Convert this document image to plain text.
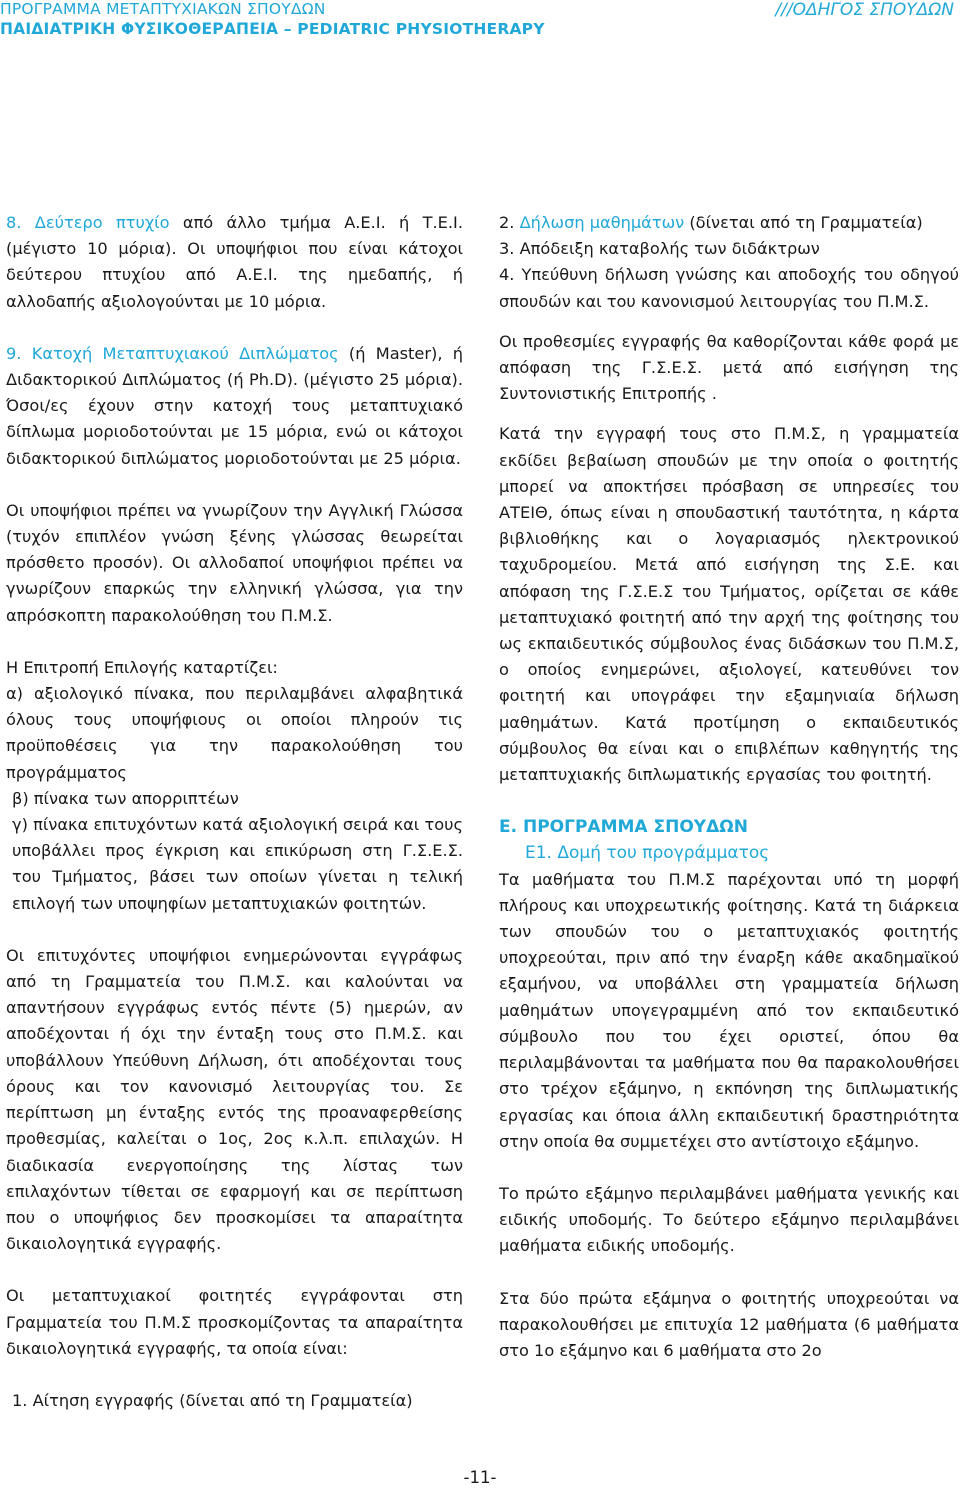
ΠΡΟΓΡΑΜΜΑ ΜΕΤΑΠΤΥΧΙΑΚΩΝ ΣΠΟΥΔΩΝ
ΠΑΙΔΙΑΤΡΙΚΗ ΦΥΣΙΚΟΘΕΡΑΠΕΙΑ – PEDIATRIC PHYSIOTHERAPY
///ΟΔΗΓΟΣ ΣΠΟΥΔΩΝ

8. Δεύτερο πτυχίο από άλλο τμήμα Α.Ε.Ι. ή Τ.Ε.Ι. (μέγιστο 10 μόρια). Οι υποψήφιοι που είναι κάτοχοι δεύτερου πτυχίου από Α.Ε.Ι. της ημεδαπής, ή αλλοδαπής αξιολογούνται με 10 μόρια.

9. Κατοχή Μεταπτυχιακού Διπλώματος (ή Master), ή Διδακτορικού Διπλώματος (ή Ph.D). (μέγιστο 25 μόρια). Όσοι/ες έχουν στην κατοχή τους μεταπτυχιακό δίπλωμα μοριοδοτούνται με 15 μόρια, ενώ οι κάτοχοι διδακτορικού διπλώματος μοριοδοτούνται με 25 μόρια.

Οι υποψήφιοι πρέπει να γνωρίζουν την Αγγλική Γλώσσα (τυχόν επιπλέον γνώση ξένης γλώσσας θεωρείται πρόσθετο προσόν). Οι αλλοδαποί υποψήφιοι πρέπει να γνωρίζουν επαρκώς την ελληνική γλώσσα, για την απρόσκοπτη παρακολούθηση του Π.Μ.Σ.

Η Επιτροπή Επιλογής καταρτίζει:

α) αξιολογικό πίνακα, που περιλαμβάνει αλφαβητικά όλους τους υποψήφιους οι οποίοι πληρούν τις προϋποθέσεις για την παρακολούθηση του προγράμματος

β) πίνακα των απορριπτέων

γ) πίνακα επιτυχόντων κατά αξιολογική σειρά και τους υποβάλλει προς έγκριση και επικύρωση στη Γ.Σ.Ε.Σ. του Τμήματος, βάσει των οποίων γίνεται η τελική επιλογή των υποψηφίων μεταπτυχιακών φοιτητών.

Οι επιτυχόντες υποψήφιοι ενημερώνονται εγγράφως από τη Γραμματεία του Π.Μ.Σ. και καλούνται να απαντήσουν εγγράφως εντός πέντε (5) ημερών, αν αποδέχονται ή όχι την ένταξη τους στο Π.Μ.Σ. και υποβάλλουν Υπεύθυνη Δήλωση, ότι αποδέχονται τους όρους και τον κανονισμό λειτουργίας του. Σε περίπτωση μη ένταξης εντός της προαναφερθείσης προθεσμίας, καλείται ο 1ος, 2ος κ.λ.π. επιλαχών. Η διαδικασία ενεργοποίησης της λίστας των επιλαχόντων τίθεται σε εφαρμογή και σε περίπτωση που ο υποψήφιος δεν προσκομίσει τα απαραίτητα δικαιολογητικά εγγραφής.

Οι μεταπτυχιακοί φοιτητές εγγράφονται στη Γραμματεία του Π.Μ.Σ προσκομίζοντας τα απαραίτητα δικαιολογητικά εγγραφής, τα οποία είναι:

1. Αίτηση εγγραφής (δίνεται από τη Γραμματεία)

2. Δήλωση μαθημάτων (δίνεται από τη Γραμματεία)

3. Απόδειξη καταβολής των διδάκτρων

4. Υπεύθυνη δήλωση γνώσης και αποδοχής του οδηγού σπουδών και του κανονισμού λειτουργίας του Π.Μ.Σ.

Οι προθεσμίες εγγραφής θα καθορίζονται κάθε φορά με απόφαση της Γ.Σ.Ε.Σ. μετά από εισήγηση της Συντονιστικής Επιτροπής .

Κατά την εγγραφή τους στο Π.Μ.Σ, η γραμματεία εκδίδει βεβαίωση σπουδών με την οποία ο φοιτητής μπορεί να αποκτήσει πρόσβαση σε υπηρεσίες του ΑΤΕΙΘ, όπως είναι η σπουδαστική ταυτότητα, η κάρτα βιβλιοθήκης και ο λογαριασμός ηλεκτρονικού ταχυδρομείου. Μετά από εισήγηση της Σ.Ε. και απόφαση της Γ.Σ.Ε.Σ του Τμήματος, ορίζεται σε κάθε μεταπτυχιακό φοιτητή από την αρχή της φοίτησης του ως εκπαιδευτικός σύμβουλος ένας διδάσκων του Π.Μ.Σ, ο οποίος ενημερώνει, αξιολογεί, κατευθύνει τον φοιτητή και υπογράφει την εξαμηνιαία δήλωση μαθημάτων. Κατά προτίμηση ο εκπαιδευτικός σύμβουλος θα είναι και ο επιβλέπων καθηγητής της μεταπτυχιακής διπλωματικής εργασίας του φοιτητή.

Ε. ΠΡΟΓΡΑΜΜΑ ΣΠΟΥΔΩΝ

Ε1. Δομή του προγράμματος

Τα μαθήματα του Π.Μ.Σ παρέχονται υπό τη μορφή πλήρους και υποχρεωτικής φοίτησης. Κατά τη διάρκεια των σπουδών του ο μεταπτυχιακός φοιτητής υποχρεούται, πριν από την έναρξη κάθε ακαδημαϊκού εξαμήνου, να υποβάλλει στη γραμματεία δήλωση μαθημάτων υπογεγραμμένη από τον εκπαιδευτικό σύμβουλο που του έχει οριστεί, όπου θα περιλαμβάνονται τα μαθήματα που θα παρακολουθήσει στο τρέχον εξάμηνο, η εκπόνηση της διπλωματικής εργασίας και όποια άλλη εκπαιδευτική δραστηριότητα στην οποία θα συμμετέχει στο αντίστοιχο εξάμηνο.

Το πρώτο εξάμηνο περιλαμβάνει μαθήματα γενικής και ειδικής υποδομής. Το δεύτερο εξάμηνο περιλαμβάνει μαθήματα ειδικής υποδομής.

Στα δύο πρώτα εξάμηνα ο φοιτητής υποχρεούται να παρακολουθήσει με επιτυχία 12 μαθήματα (6 μαθήματα στο 1ο εξάμηνο και 6 μαθήματα στο 2ο

-11-
